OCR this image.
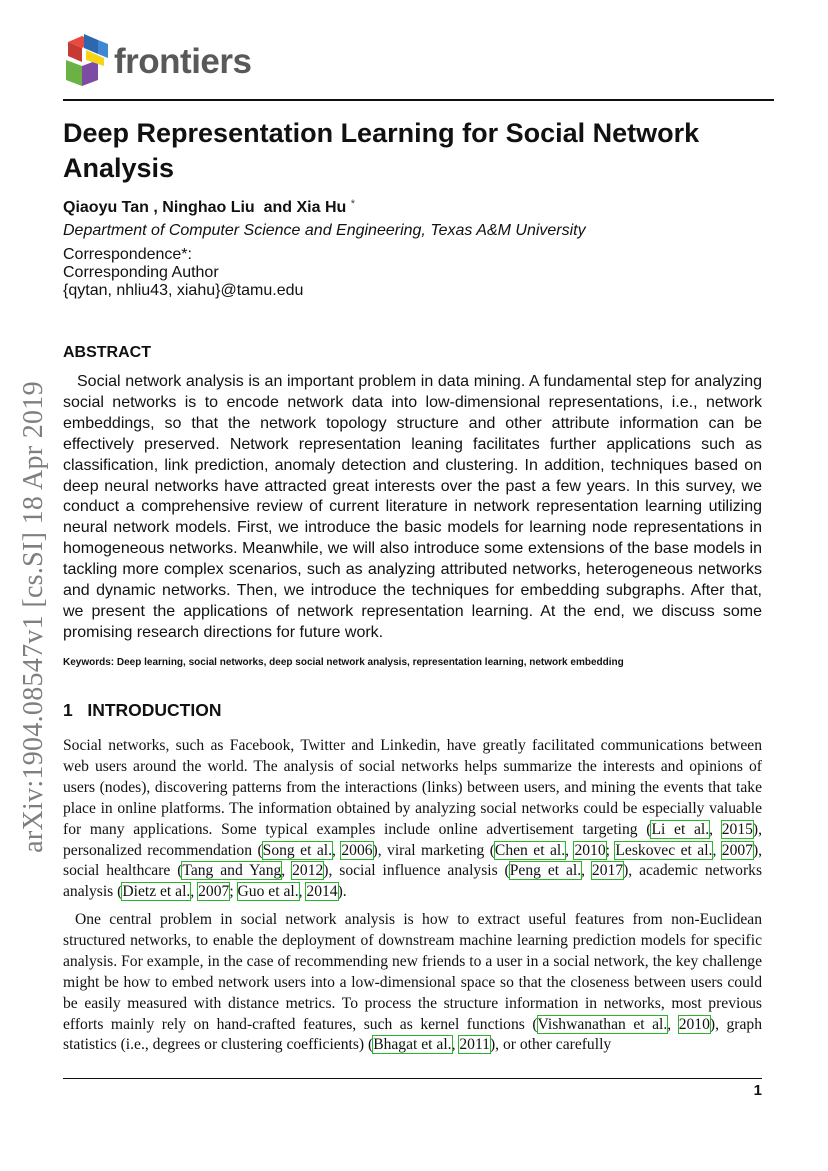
frontiers
Deep Representation Learning for Social Network Analysis
Qiaoyu Tan , Ninghao Liu  and Xia Hu *
Department of Computer Science and Engineering, Texas A&M University
Correspondence*:
Corresponding Author
{qytan, nhliu43, xiahu}@tamu.edu
ABSTRACT
Social network analysis is an important problem in data mining. A fundamental step for analyzing social networks is to encode network data into low-dimensional representations, i.e., network embeddings, so that the network topology structure and other attribute information can be effectively preserved. Network representation leaning facilitates further applications such as classification, link prediction, anomaly detection and clustering. In addition, techniques based on deep neural networks have attracted great interests over the past a few years. In this survey, we conduct a comprehensive review of current literature in network representation learning utilizing neural network models. First, we introduce the basic models for learning node representations in homogeneous networks. Meanwhile, we will also introduce some extensions of the base models in tackling more complex scenarios, such as analyzing attributed networks, heterogeneous networks and dynamic networks. Then, we introduce the techniques for embedding subgraphs. After that, we present the applications of network representation learning. At the end, we discuss some promising research directions for future work.
Keywords: Deep learning, social networks, deep social network analysis, representation learning, network embedding
1 INTRODUCTION
Social networks, such as Facebook, Twitter and Linkedin, have greatly facilitated communications between web users around the world. The analysis of social networks helps summarize the interests and opinions of users (nodes), discovering patterns from the interactions (links) between users, and mining the events that take place in online platforms. The information obtained by analyzing social networks could be especially valuable for many applications. Some typical examples include online advertisement targeting (Li et al., 2015), personalized recommendation (Song et al., 2006), viral marketing (Chen et al., 2010; Leskovec et al., 2007), social healthcare (Tang and Yang, 2012), social influence analysis (Peng et al., 2017), academic networks analysis (Dietz et al., 2007; Guo et al., 2014).
One central problem in social network analysis is how to extract useful features from non-Euclidean structured networks, to enable the deployment of downstream machine learning prediction models for specific analysis. For example, in the case of recommending new friends to a user in a social network, the key challenge might be how to embed network users into a low-dimensional space so that the closeness between users could be easily measured with distance metrics. To process the structure information in networks, most previous efforts mainly rely on hand-crafted features, such as kernel functions (Vishwanathan et al., 2010), graph statistics (i.e., degrees or clustering coefficients) (Bhagat et al., 2011), or other carefully
1
arXiv:1904.08547v1 [cs.SI] 18 Apr 2019
